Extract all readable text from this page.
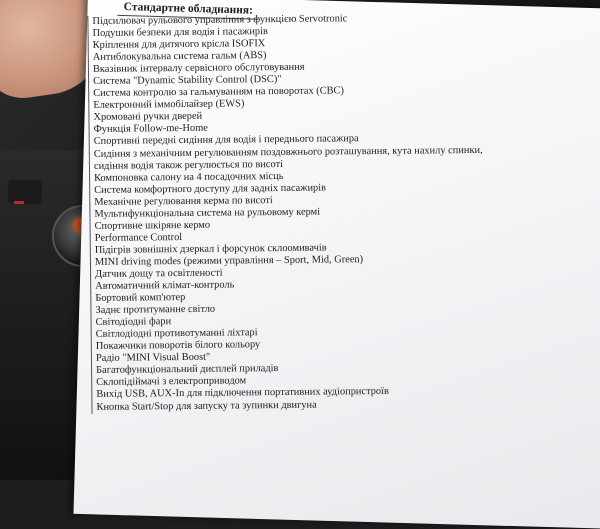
Стандартне обладнання:
Підсилювач рульового управління з функцією Servotronic
Подушки безпеки для водія і пасажирів
Кріплення для дитячого крісла ISOFIX
Антиблокувальна система гальм (ABS)
Вказівник інтервалу сервісного обслуговування
Система "Dynamic Stability Control (DSC)"
Система контролю за гальмуванням на поворотах (CBC)
Електронний іммобілайзер (EWS)
Хромовані ручки дверей
Функція Follow-me-Home
Спортивні передні сидіння для водія і переднього пасажира
Сидіння з механічним регулюванням поздовжнього розташування, кута нахилу спинки, сидіння водія також регулюється по висоті
Компоновка салону на 4 посадочних місць
Система комфортного доступу для задніх пасажирів
Механічне регулювання керма по висоті
Мультифункціональна система на рульовому кермі
Спортивне шкіряне кермо
Performance Control
Підігрів зовнішніх дзеркал і форсунок склоомивачів
MINI driving modes (режими управління – Sport, Mid, Green)
Датчик дощу та освітленості
Автоматичний клімат-контроль
Бортовий комп'ютер
Заднє протитуманне світло
Світодіодні фари
Світлодіодні противотуманні ліхтарі
Покажчики поворотів білого кольору
Радіо "MINI Visual Boost"
Багатофункціональний дисплей приладів
Склопідіймачі з електроприводом
Вихід USB, AUX-In для підключення портативних аудіопристроїв
Кнопка Start/Stop для запуску та зупинки двигуна
